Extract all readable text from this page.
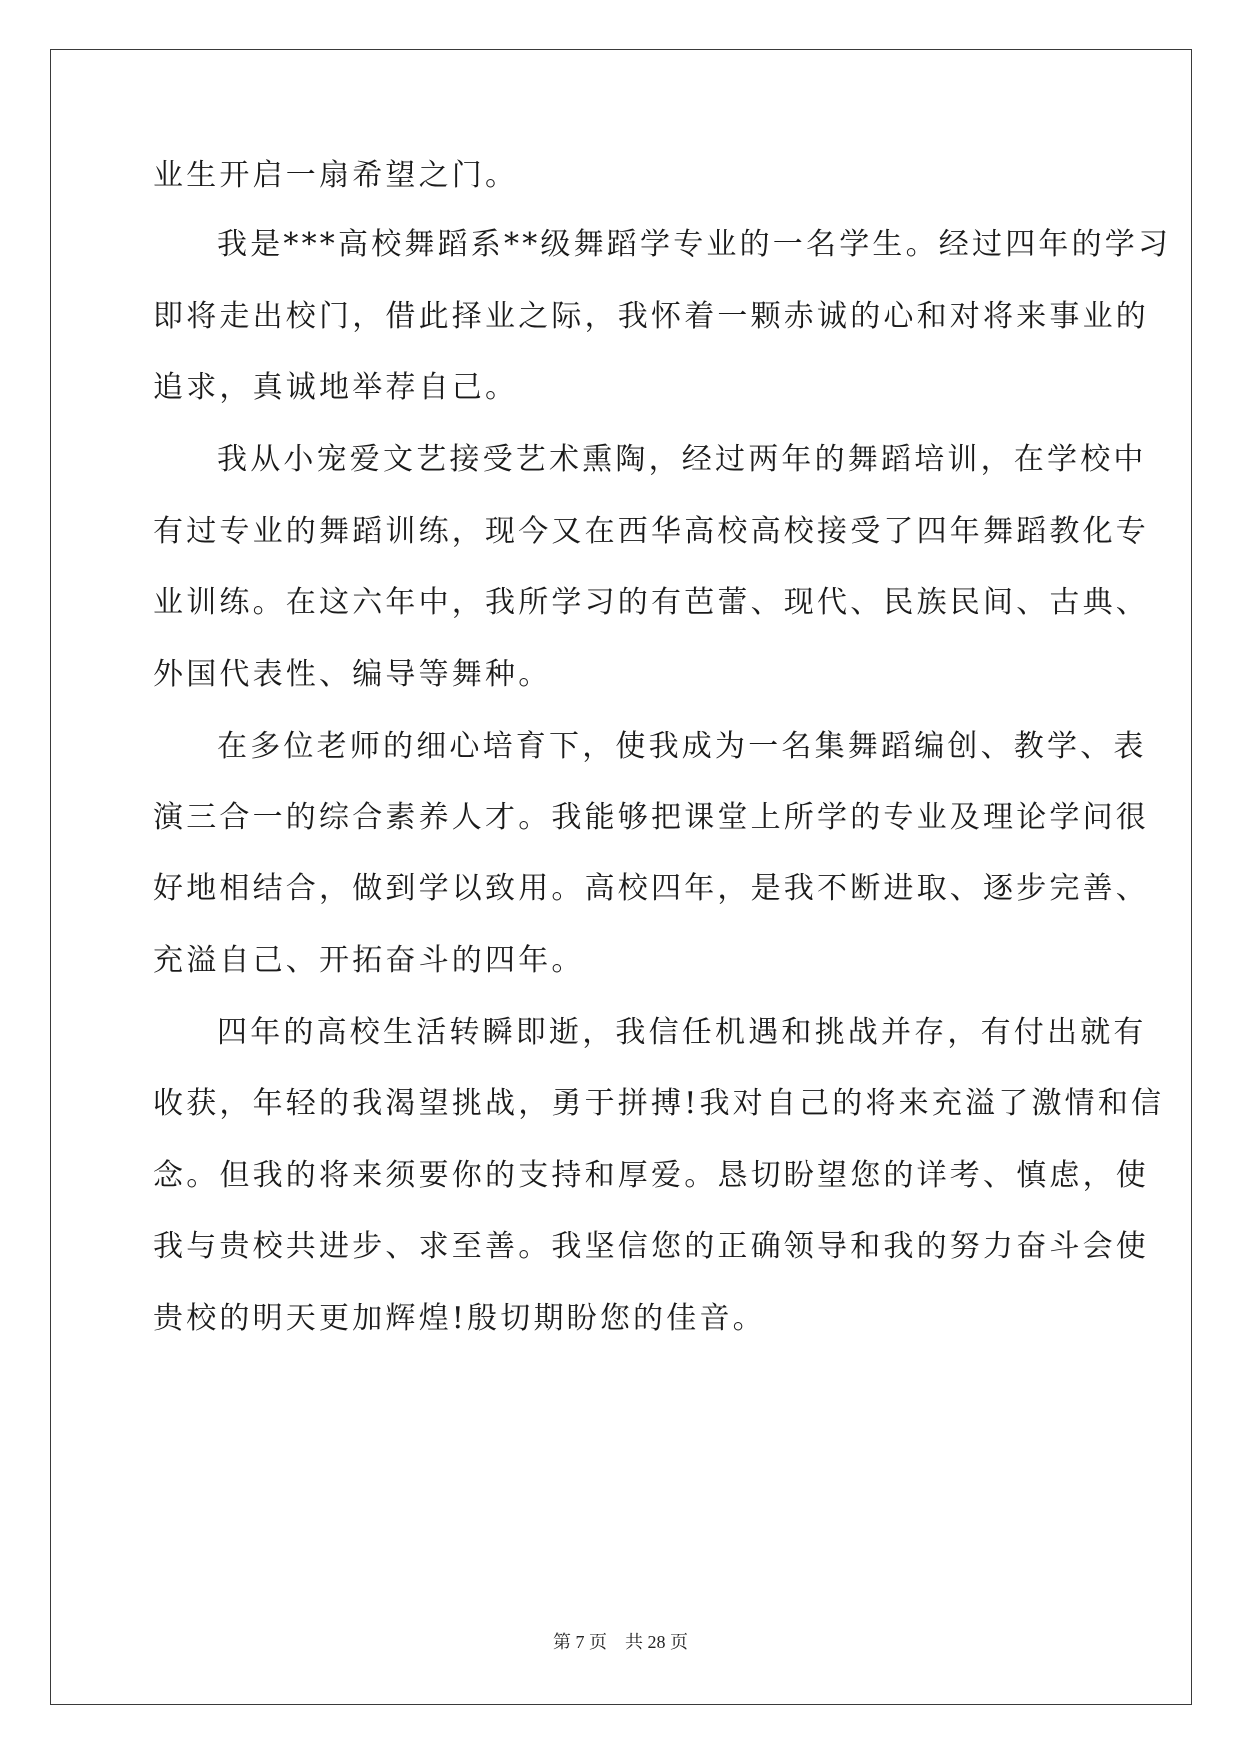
业生开启一扇希望之门。
我是***高校舞蹈系**级舞蹈学专业的一名学生。经过四年的学习
即将走出校门，借此择业之际，我怀着一颗赤诚的心和对将来事业的
追求，真诚地举荐自己。
我从小宠爱文艺接受艺术熏陶，经过两年的舞蹈培训，在学校中
有过专业的舞蹈训练，现今又在西华高校高校接受了四年舞蹈教化专
业训练。在这六年中，我所学习的有芭蕾、现代、民族民间、古典、
外国代表性、编导等舞种。
在多位老师的细心培育下，使我成为一名集舞蹈编创、教学、表
演三合一的综合素养人才。我能够把课堂上所学的专业及理论学问很
好地相结合，做到学以致用。高校四年，是我不断进取、逐步完善、
充溢自己、开拓奋斗的四年。
四年的高校生活转瞬即逝，我信任机遇和挑战并存，有付出就有
收获，年轻的我渴望挑战，勇于拼搏!我对自己的将来充溢了激情和信
念。但我的将来须要你的支持和厚爱。恳切盼望您的详考、慎虑，使
我与贵校共进步、求至善。我坚信您的正确领导和我的努力奋斗会使
贵校的明天更加辉煌!殷切期盼您的佳音。
第 7 页    共 28 页
